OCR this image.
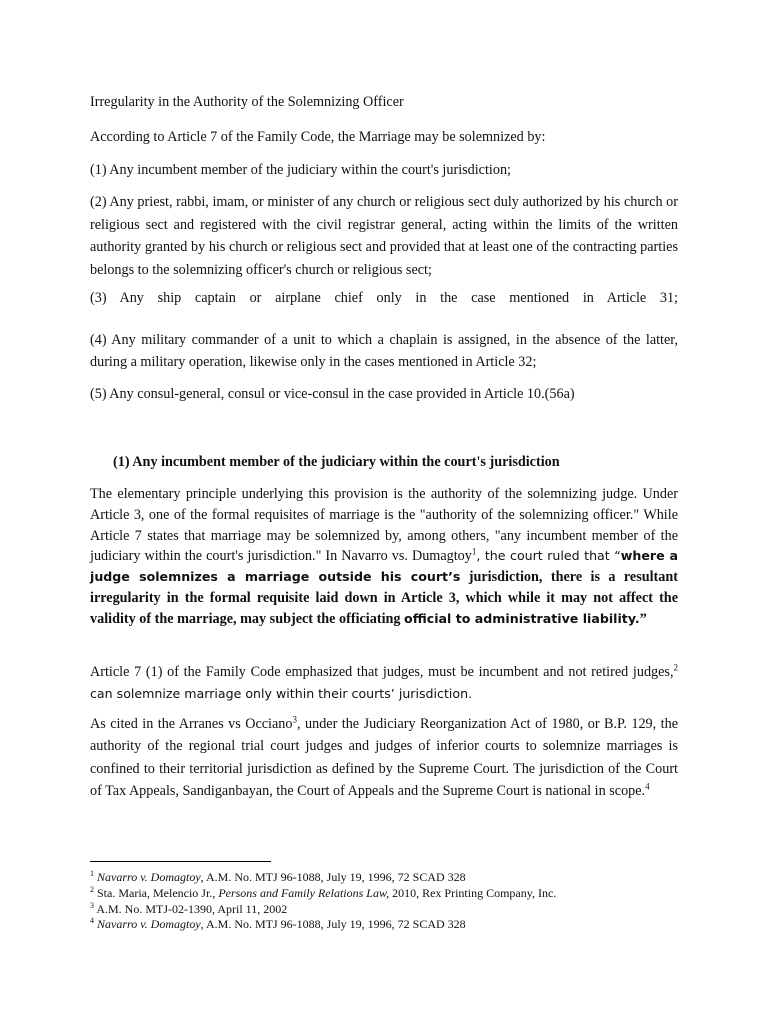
Irregularity in the Authority of the Solemnizing Officer

According to Article 7 of the Family Code, the Marriage may be solemnized by:

(1) Any incumbent member of the judiciary within the court's jurisdiction;

(2) Any priest, rabbi, imam, or minister of any church or religious sect duly authorized by his church or religious sect and registered with the civil registrar general, acting within the limits of the written authority granted by his church or religious sect and provided that at least one of the contracting parties belongs to the solemnizing officer's church or religious sect;

(3) Any ship captain or airplane chief only in the case mentioned in Article 31;

(4) Any military commander of a unit to which a chaplain is assigned, in the absence of the latter, during a military operation, likewise only in the cases mentioned in Article 32;

(5) Any consul-general, consul or vice-consul in the case provided in Article 10.(56a)

(1) Any incumbent member of the judiciary within the court's jurisdiction

The elementary principle underlying this provision is the authority of the solemnizing judge. Under Article 3, one of the formal requisites of marriage is the "authority of the solemnizing officer." While Article 7 states that marriage may be solemnized by, among others, "any incumbent member of the judiciary within the court's jurisdiction." In Navarro vs. Dumagtoy$^1$, the court ruled that “where a judge solemnizes a marriage outside his court’s jurisdiction, there is a resultant irregularity in the formal requisite laid down in Article 3, which while it may not affect the validity of the marriage, may subject the officiating official to administrative liability.”

Article 7 (1) of the Family Code emphasized that judges, must be incumbent and not retired judges,$^2$ can solemnize marriage only within their courts’ jurisdiction.

As cited in the Arranes vs Occiano$^3$, under the Judiciary Reorganization Act of 1980, or B.P. 129, the authority of the regional trial court judges and judges of inferior courts to solemnize marriages is confined to their territorial jurisdiction as defined by the Supreme Court. The jurisdiction of the Court of Tax Appeals, Sandiganbayan, the Court of Appeals and the Supreme Court is national in scope.$^4$

$^1$ Navarro v. Domagtoy, A.M. No. MTJ 96-1088, July 19, 1996, 72 SCAD 328

$^2$ Sta. Maria, Melencio Jr., Persons and Family Relations Law, 2010, Rex Printing Company, Inc.

$^3$ A.M. No. MTJ-02-1390, April 11, 2002

$^4$ Navarro v. Domagtoy, A.M. No. MTJ 96-1088, July 19, 1996, 72 SCAD 328
